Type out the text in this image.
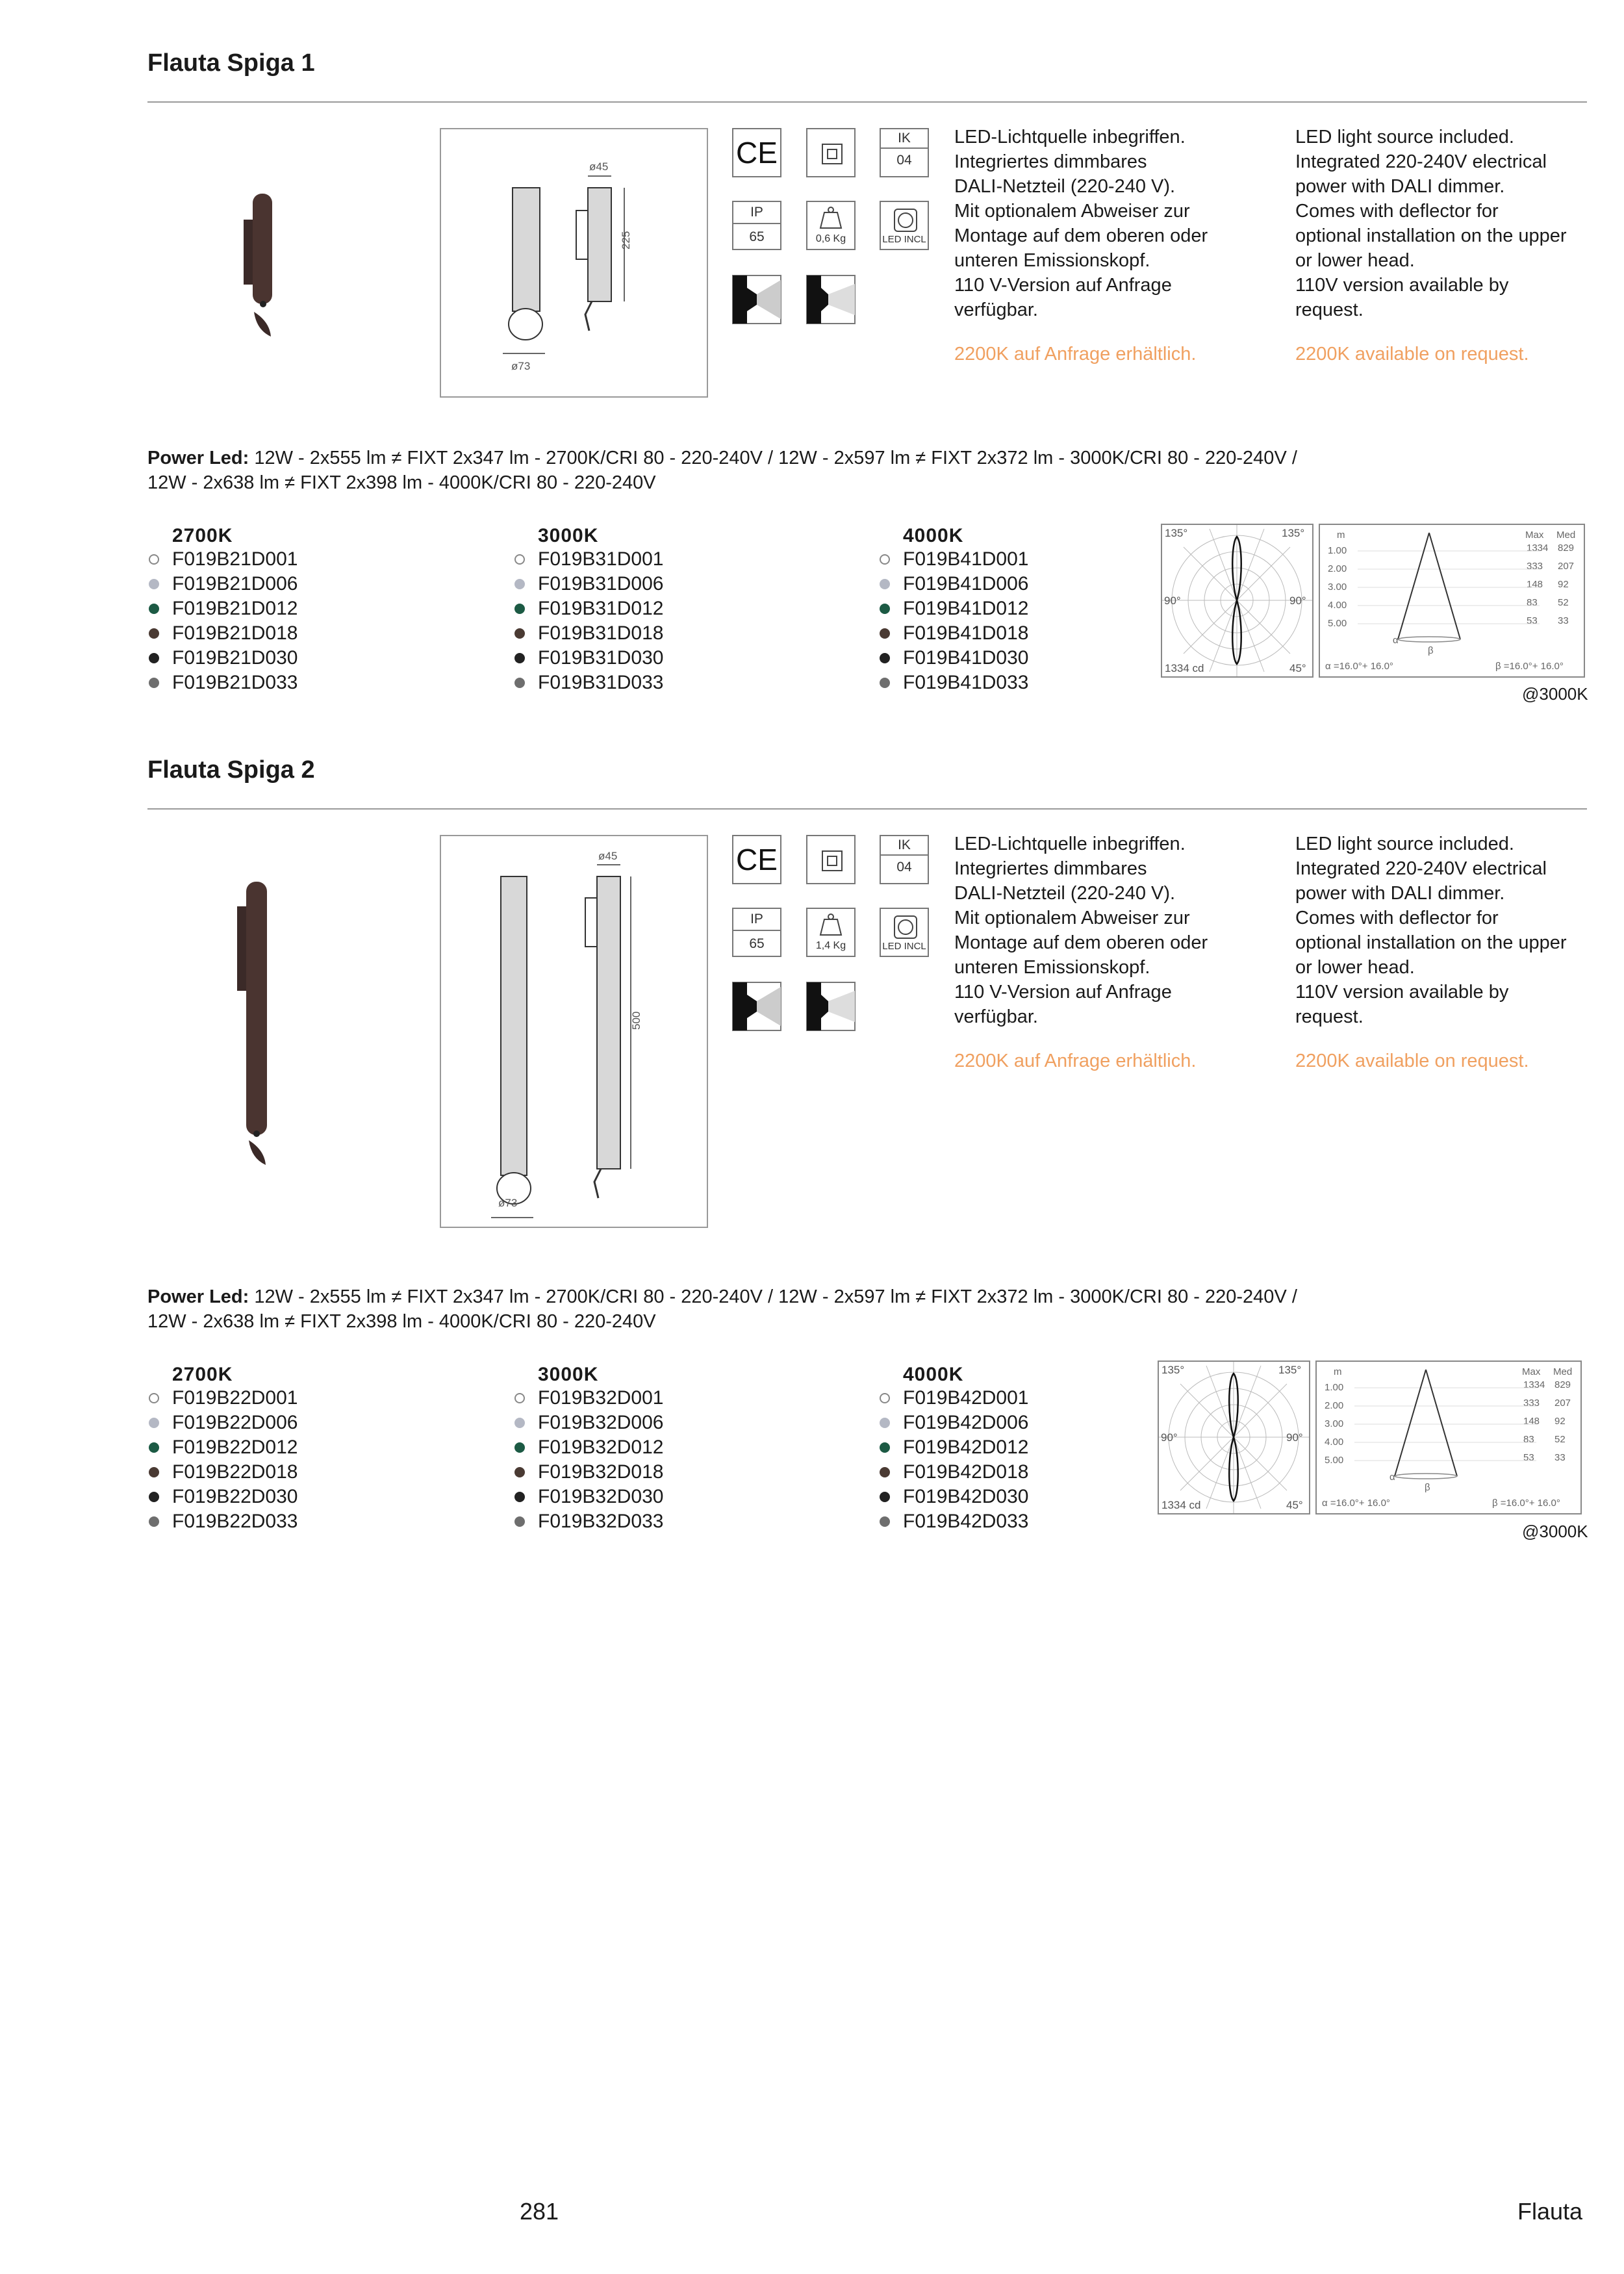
Flauta Spiga 1
ø45
225
ø73
CE	IK
04
IP
65	0,6 Kg	LED INCL
LED-Lichtquelle inbegriffen.
Integriertes dimmbares
DALI-Netzteil (220-240 V).
Mit optionalem Abweiser zur
Montage auf dem oberen oder
unteren Emissionskopf.
110 V-Version auf Anfrage
verfügbar.
2200K auf Anfrage erhältlich.
LED light source included.
Integrated 220-240V electrical
power with DALI dimmer.
Comes with deflector for
optional installation on the upper
or lower head.
110V version available by
request.
2200K available on request.
Power Led: 12W - 2x555 lm ≠ FIXT 2x347 lm - 2700K/CRI 80 - 220-240V / 12W - 2x597 lm ≠ FIXT 2x372 lm - 3000K/CRI 80 - 220-240V /
12W - 2x638 lm ≠ FIXT 2x398 lm - 4000K/CRI 80 - 220-240V
2700K
F019B21D001
F019B21D006
F019B21D012
F019B21D018
F019B21D030
F019B21D033
3000K
F019B31D001
F019B31D006
F019B31D012
F019B31D018
F019B31D030
F019B31D033
4000K
F019B41D001
F019B41D006
F019B41D012
F019B41D018
F019B41D030
F019B41D033
135°	135°
90°	90°
1334 cd	45°
m	Max Med
1.00	1334 829
2.00	333 207
3.00	148 92
4.00	83 52
5.00	53 33
α
β
α =16.0°+ 16.0°	β =16.0°+ 16.0°
@3000K
Flauta Spiga 2
ø45
500
ø73
CE	IK
04
IP
65	1,4 Kg	LED INCL
LED-Lichtquelle inbegriffen.
Integriertes dimmbares
DALI-Netzteil (220-240 V).
Mit optionalem Abweiser zur
Montage auf dem oberen oder
unteren Emissionskopf.
110 V-Version auf Anfrage
verfügbar.
2200K auf Anfrage erhältlich.
LED light source included.
Integrated 220-240V electrical
power with DALI dimmer.
Comes with deflector for
optional installation on the upper
or lower head.
110V version available by
request.
2200K available on request.
Power Led: 12W - 2x555 lm ≠ FIXT 2x347 lm - 2700K/CRI 80 - 220-240V / 12W - 2x597 lm ≠ FIXT 2x372 lm - 3000K/CRI 80 - 220-240V /
12W - 2x638 lm ≠ FIXT 2x398 lm - 4000K/CRI 80 - 220-240V
2700K
F019B22D001
F019B22D006
F019B22D012
F019B22D018
F019B22D030
F019B22D033
3000K
F019B32D001
F019B32D006
F019B32D012
F019B32D018
F019B32D030
F019B32D033
4000K
F019B42D001
F019B42D006
F019B42D012
F019B42D018
F019B42D030
F019B42D033
135°	135°
90°	90°
1334 cd	45°
m	Max Med
1.00	1334 829
2.00	333 207
3.00	148 92
4.00	83 52
5.00	53 33
α
β
α =16.0°+ 16.0°	β =16.0°+ 16.0°
@3000K
281	Flauta
